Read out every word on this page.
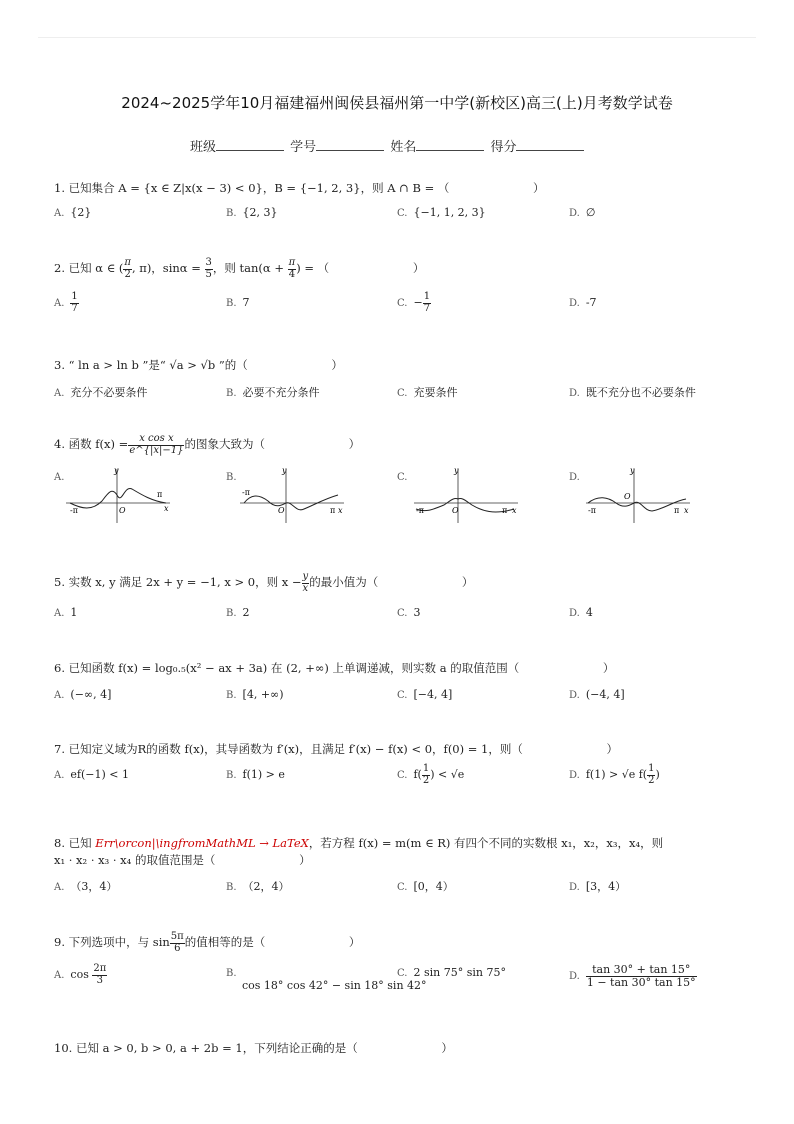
2024~2025学年10月福建福州闽侯县福州第一中学(新校区)高三(上)月考数学试卷
班级	学号	姓名	得分
1. 已知集合 A = {x ∈ Z|x(x − 3) < 0}，B = {−1, 2, 3}，则 A ∩ B = （	）
A. {2}	B. {2, 3}	C. {−1, 1, 2, 3}	D. ∅
2. 已知 α ∈ ( $\frac{\pi}{2}$ , π)，$\sin\alpha = \frac{3}{5}$ ，则 $\tan(\alpha + \frac{\pi}{4}$ ) = （	）
A. $\frac{1}{7}$	B. 7	C. − $\frac{1}{7}$	D. -7
3. “ ln a > ln b ”是“ √a > √b ”的（	）
A. 充分不必要条件	B. 必要不充分条件	C. 充要条件	D. 既不充分也不必要条件
4. 函数 $f(x) = \frac{\text{x cos x}}{e\^{}\{|x|-1\}}$ 的图象大致为（	）
A.
y
x
O
π
-π
B.
y
x
O	π
-π
C.
y
x
O	π
-π
D.
y
x
O
π
-π
5. 实数 x, y 满足 2x + y = −1, x > 0，则 $x - \frac{y}{x}$ 的最小值为（	）
A. 1	B. 2	C. 3	D. 4
6. 已知函数 f(x) = log₀.₅(x² − ax + 3a) 在 (2, +∞) 上单调递减，则实数 a 的取值范围（	）
A. (−∞, 4]	B. [4, +∞)	C. [−4, 4]	D. (−4, 4]
7. 已知定义域为R的函数 f(x)，其导函数为 f′(x)，且满足 f′(x) − f(x) < 0，f(0) = 1，则（	）
A. ef(−1) < 1	B. f(1) > e	C. $f( \frac{1}{2}$ ) < √e	D. f(1) > √e $f( \frac{1}{2}$ )
8. 已知 Err\orcon|\ingfromMathML → LaTeX，若方程 f(x) = m(m ∈ R) 有四个不同的实数根 x₁，x₂，x₃，x₄，则
x₁ · x₂ · x₃ · x₄ 的取值范围是（	）
A. （3，4）	B. （2，4）	C. [0，4）	D. [3，4）
9. 下列选项中，与 $\sin \frac{5\pi}{6}$ 的值相等的是（	）
A. $\cos \frac{2\pi}{3}$	B.
cos 18° cos 42° − sin 18° sin 42°
C. 2 sin 75° sin 75°	D. $\frac{\tan 30^\circ + \tan 15^\circ}{1 - \tan 30^\circ \tan 15^\circ}$
10. 已知 a > 0, b > 0, a + 2b = 1，下列结论正确的是（	）
